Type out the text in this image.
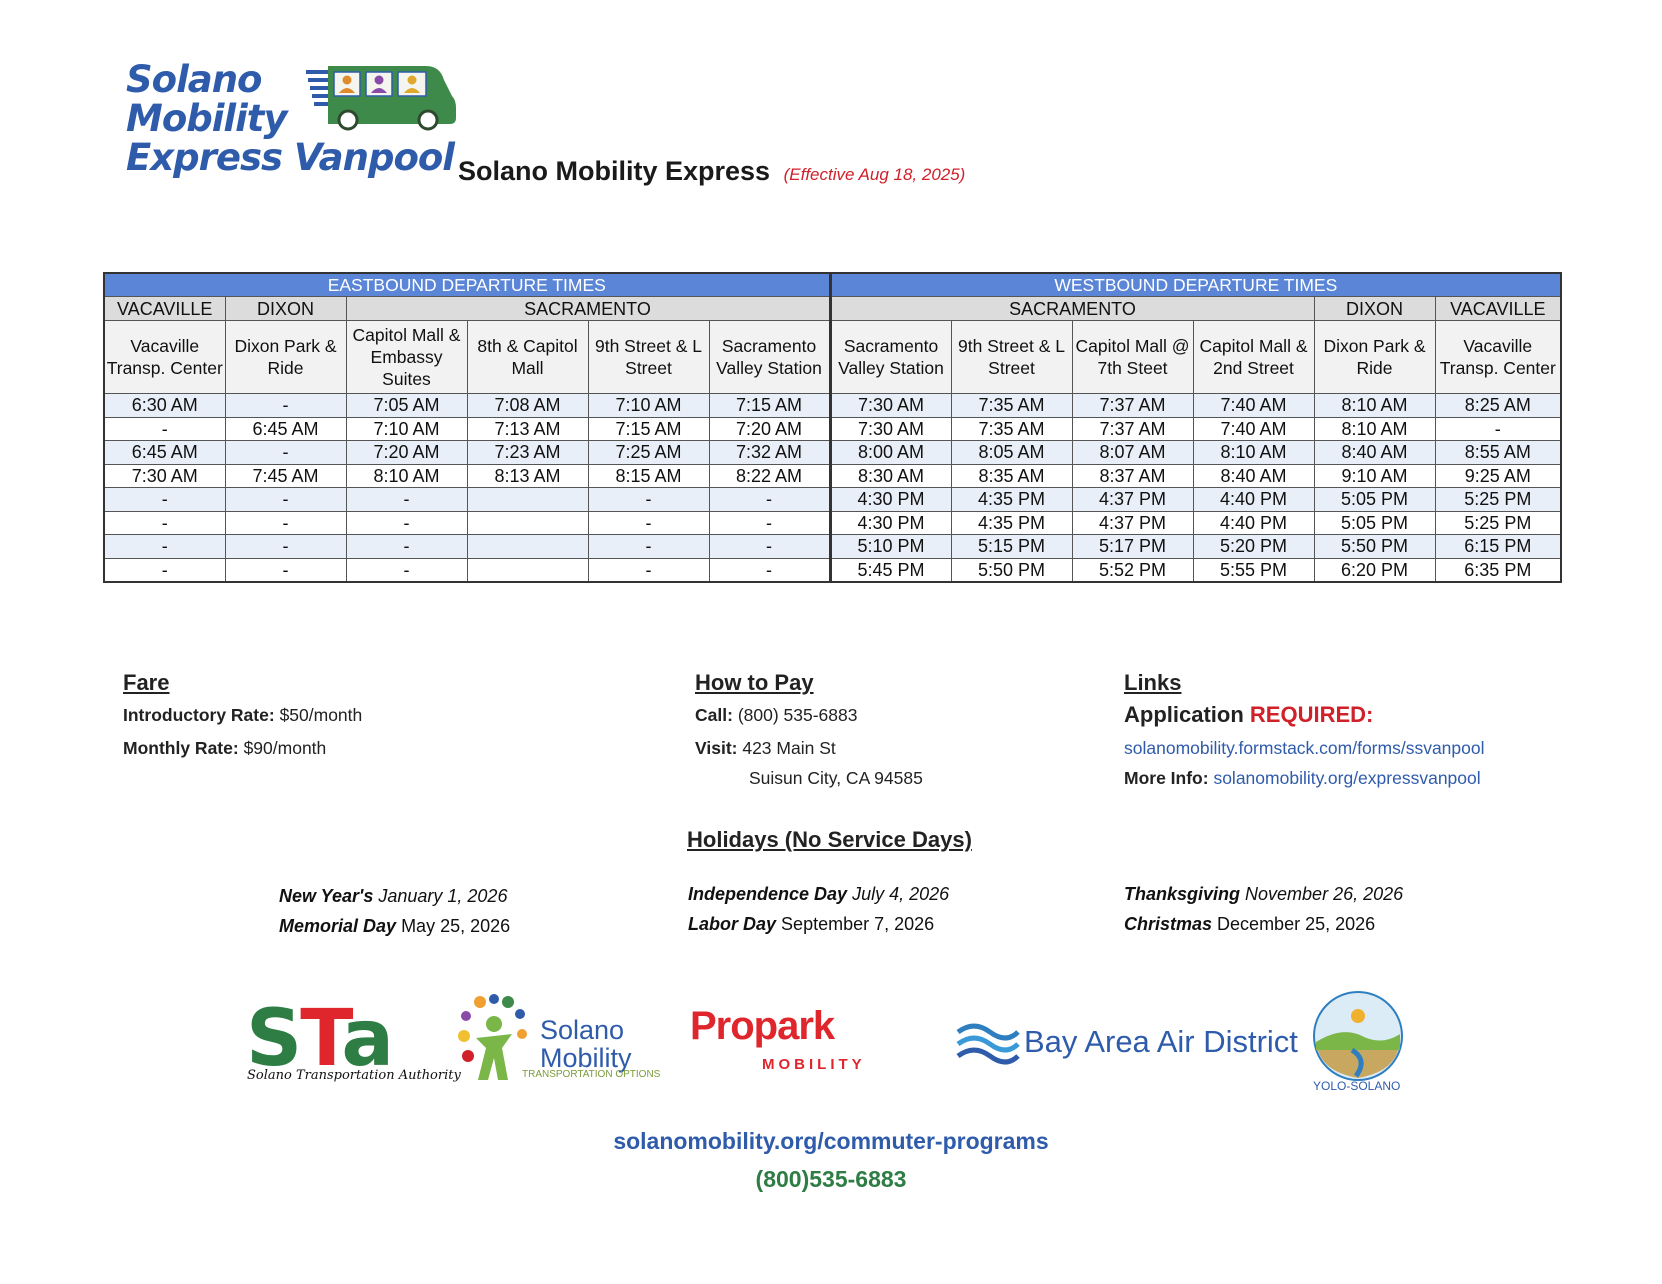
Solano
Mobility
Express Vanpool Solano Mobility Express (Effective Aug 18, 2025)
EASTBOUND DEPARTURE TIMES						WESTBOUND DEPARTURE TIMES					
VACAVILLE	DIXON	SACRAMENTO				SACRAMENTO				DIXON	VACAVILLE
Vacaville Transp. Center	Dixon Park & Ride	Capitol Mall & Embassy Suites	8th & Capitol Mall	9th Street & L Street	Sacramento Valley Station	Sacramento Valley Station	9th Street & L Street	Capitol Mall @ 7th Steet	Capitol Mall & 2nd Street	Dixon Park & Ride	Vacaville Transp. Center
6:30 AM	-	7:05 AM	7:08 AM	7:10 AM	7:15 AM	7:30 AM	7:35 AM	7:37 AM	7:40 AM	8:10 AM	8:25 AM
-	6:45 AM	7:10 AM	7:13 AM	7:15 AM	7:20 AM	7:30 AM	7:35 AM	7:37 AM	7:40 AM	8:10 AM	-
6:45 AM	-	7:20 AM	7:23 AM	7:25 AM	7:32 AM	8:00 AM	8:05 AM	8:07 AM	8:10 AM	8:40 AM	8:55 AM
7:30 AM	7:45 AM	8:10 AM	8:13 AM	8:15 AM	8:22 AM	8:30 AM	8:35 AM	8:37 AM	8:40 AM	9:10 AM	9:25 AM
-	-	-		-	-	4:30 PM	4:35 PM	4:37 PM	4:40 PM	5:05 PM	5:25 PM
-	-	-		-	-	4:30 PM	4:35 PM	4:37 PM	4:40 PM	5:05 PM	5:25 PM
-	-	-		-	-	5:10 PM	5:15 PM	5:17 PM	5:20 PM	5:50 PM	6:15 PM
-	-	-		-	-	5:45 PM	5:50 PM	5:52 PM	5:55 PM	6:20 PM	6:35 PM
Fare
Introductory Rate: $50/month
Monthly Rate: $90/month
How to Pay
Call: (800) 535-6883
Visit: 423 Main St
Suisun City, CA 94585
Links
Application REQUIRED:
solanomobility.formstack.com/forms/ssvanpool
More Info: solanomobility.org/expressvanpool
Holidays (No Service Days)
New Year's January 1, 2026
Memorial Day May 25, 2026
Independence Day July 4, 2026
Labor Day September 7, 2026
Thanksgiving November 26, 2026
Christmas December 25, 2026
STa
Solano Transportation Authority
Solano
Mobility
TRANSPORTATION OPTIONS
Propark
MOBILITY
Bay Area Air District
YOLO-SOLANO
solanomobility.org/commuter-programs
(800)535-6883
